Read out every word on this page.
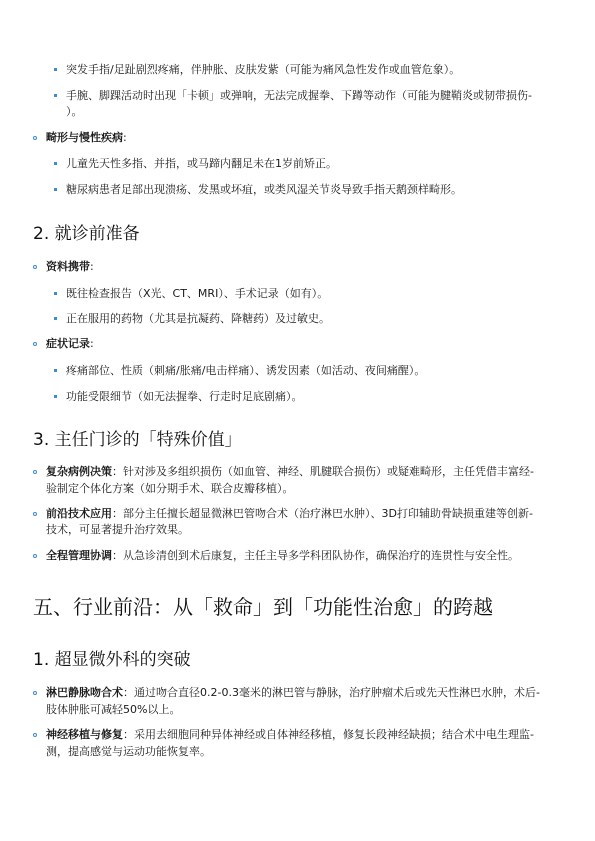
突发手指/足趾剧烈疼痛，伴肿胀、皮肤发紫（可能为痛风急性发作或血管危象）。
手腕、脚踝活动时出现「卡顿」或弹响，无法完成握拳、下蹲等动作（可能为腱鞘炎或韧带损伤-
）。
畸形与慢性疾病:
儿童先天性多指、并指，或马蹄内翻足未在1岁前矫正。
糖尿病患者足部出现溃疡、发黑或坏疽，或类风湿关节炎导致手指天鹅颈样畸形。
2. 就诊前准备
资料携带:
既往检查报告（X光、CT、MRI）、手术记录（如有）。
正在服用的药物（尤其是抗凝药、降糖药）及过敏史。
症状记录:
疼痛部位、性质（刺痛/胀痛/电击样痛）、诱发因素（如活动、夜间痛醒）。
功能受限细节（如无法握拳、行走时足底剧痛）。
3. 主任门诊的「特殊价值」
复杂病例决策：针对涉及多组织损伤（如血管、神经、肌腱联合损伤）或疑难畸形，主任凭借丰富经-
验制定个体化方案（如分期手术、联合皮瓣移植）。
前沿技术应用：部分主任擅长超显微淋巴管吻合术（治疗淋巴水肿）、3D打印辅助骨缺损重建等创新-
技术，可显著提升治疗效果。
全程管理协调：从急诊清创到术后康复，主任主导多学科团队协作，确保治疗的连贯性与安全性。
五、行业前沿：从「救命」到「功能性治愈」的跨越
1. 超显微外科的突破
淋巴静脉吻合术：通过吻合直径0.2-0.3毫米的淋巴管与静脉，治疗肿瘤术后或先天性淋巴水肿，术后-
肢体肿胀可减轻50%以上。
神经移植与修复：采用去细胞同种异体神经或自体神经移植，修复长段神经缺损；结合术中电生理监-
测，提高感觉与运动功能恢复率。
